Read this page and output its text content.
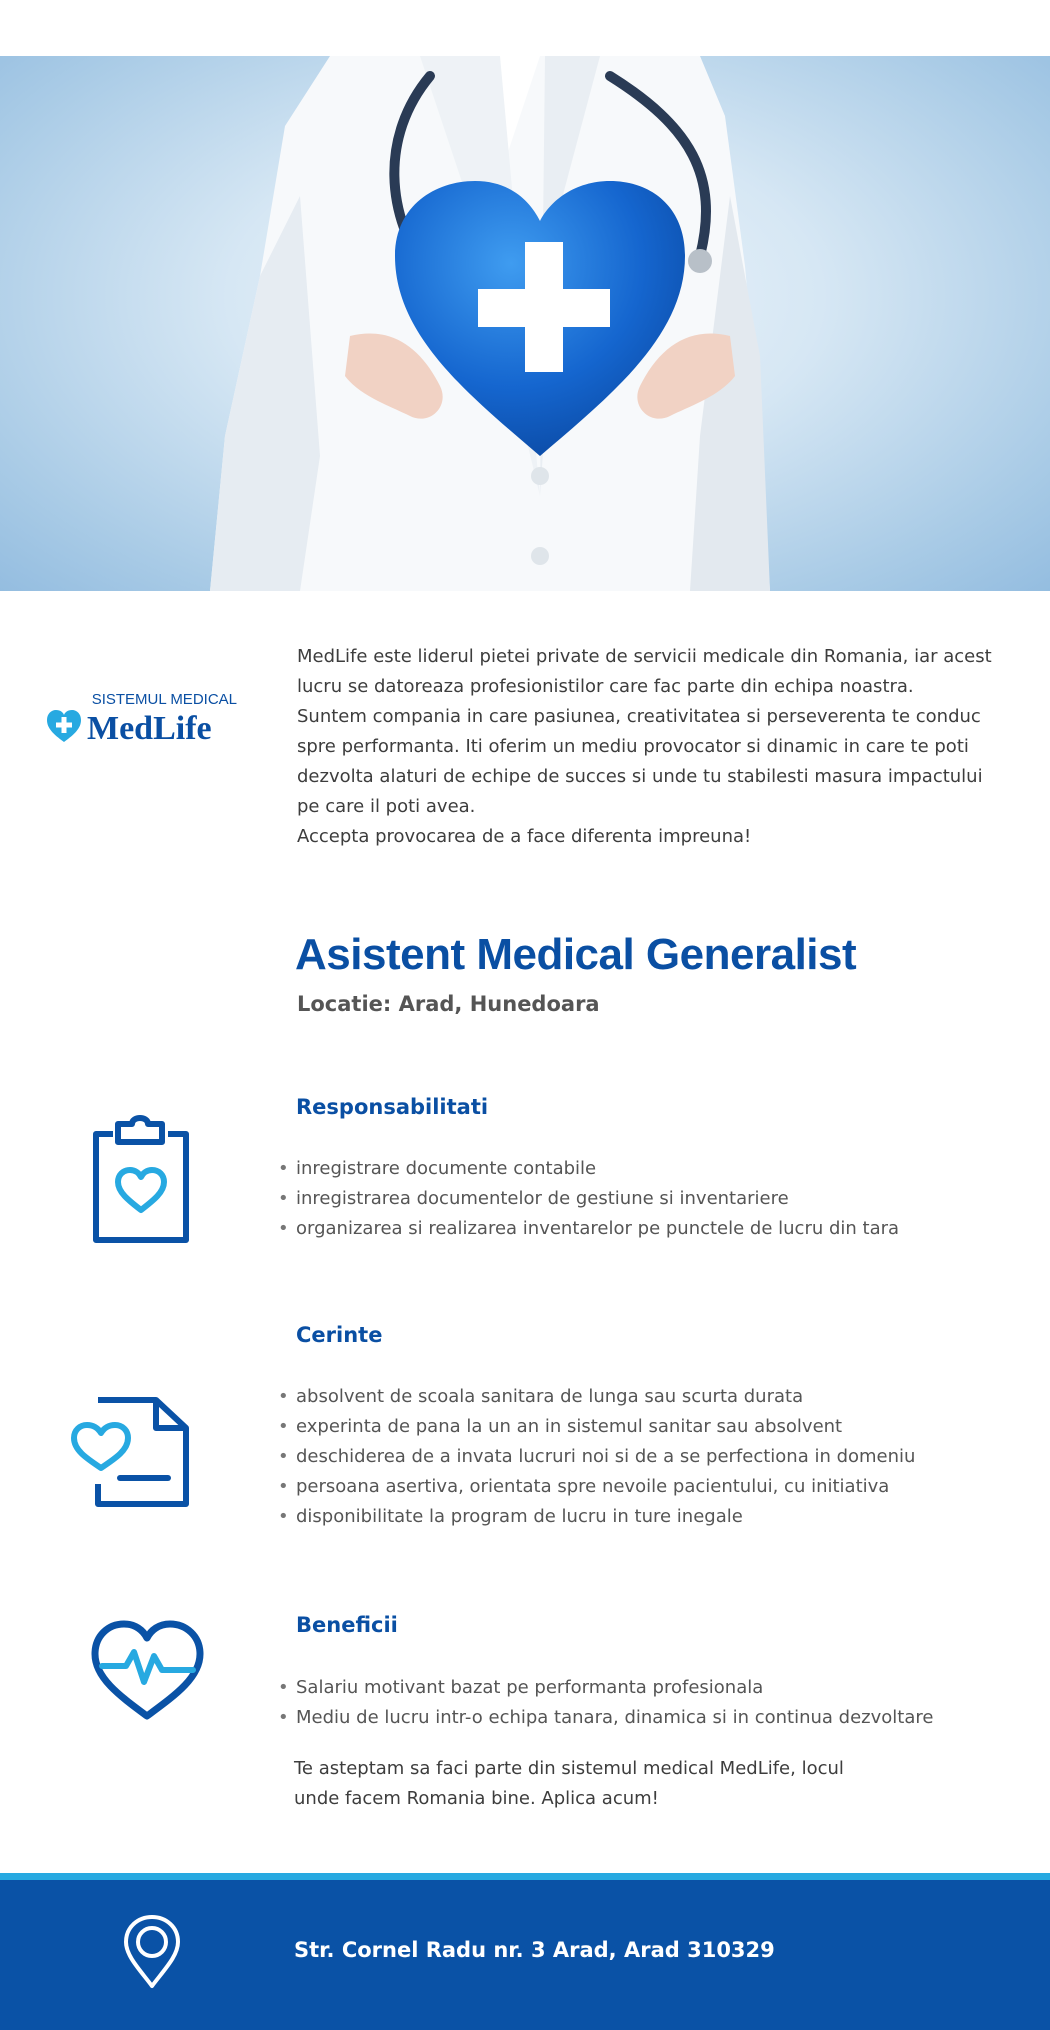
SISTEMUL MEDICAL
MedLife

MedLife este liderul pietei private de servicii medicale din Romania, iar acest lucru se datoreaza profesionistilor care fac parte din echipa noastra.

Suntem compania in care pasiunea, creativitatea si perseverenta te conduc spre performanta. Iti oferim un mediu provocator si dinamic in care te poti dezvolta alaturi de echipe de succes si unde tu stabilesti masura impactului pe care il poti avea.

Accepta provocarea de a face diferenta impreuna!

Asistent Medical Generalist
Locatie: Arad, Hunedoara
Responsabilitati
• inregistrare documente contabile
• inregistrarea documentelor de gestiune si inventariere
• organizarea si realizarea inventarelor pe punctele de lucru din tara
Cerinte
• absolvent de scoala sanitara de lunga sau scurta durata
• experinta de pana la un an in sistemul sanitar sau absolvent
• deschiderea de a invata lucruri noi si de a se perfectiona in domeniu
• persoana asertiva, orientata spre nevoile pacientului, cu initiativa
• disponibilitate la program de lucru in ture inegale
Beneficii
• Salariu motivant bazat pe performanta profesionala
• Mediu de lucru intr-o echipa tanara, dinamica si in continua dezvoltare
Te asteptam sa faci parte din sistemul medical MedLife, locul
unde facem Romania bine. Aplica acum!
Str. Cornel Radu nr. 3 Arad, Arad 310329
